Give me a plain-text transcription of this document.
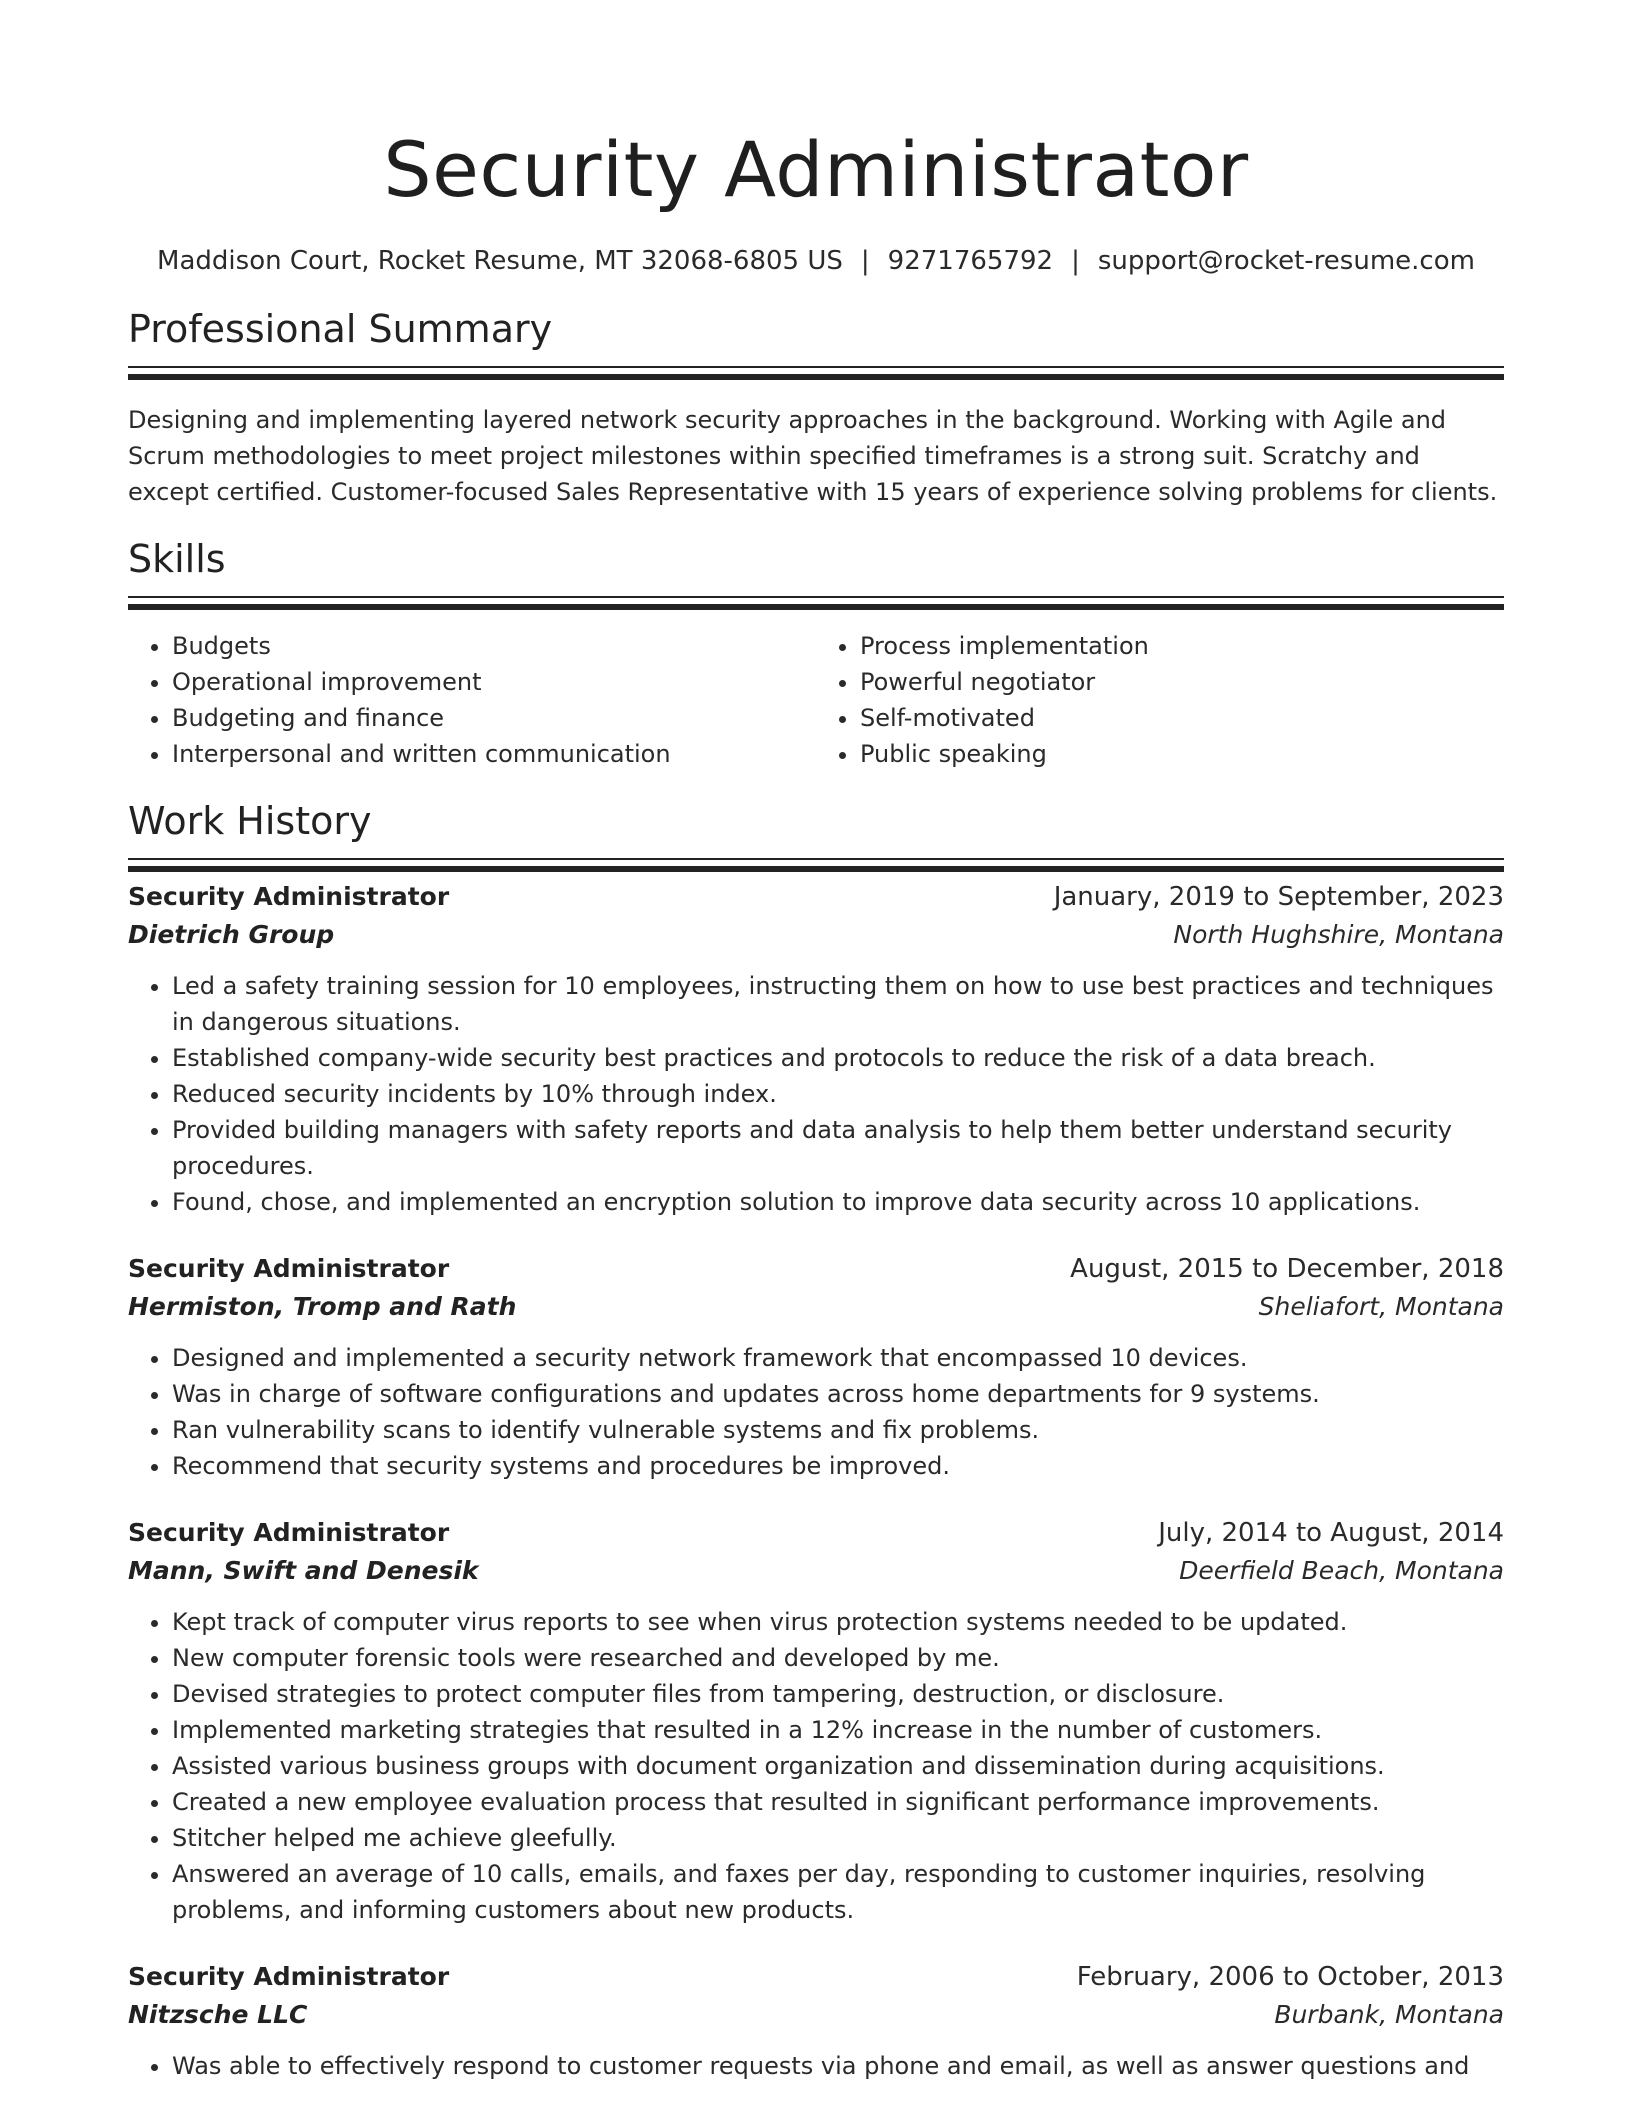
Security Administrator
Maddison Court, Rocket Resume, MT 32068-6805 US | 9271765792 | support@rocket-resume.com
Professional Summary

Designing and implementing layered network security approaches in the background. Working with Agile and Scrum methodologies to meet project milestones within specified timeframes is a strong suit. Scratchy and except certified. Customer-focused Sales Representative with 15 years of experience solving problems for clients.

Skills
• Budgets
• Operational improvement
• Budgeting and finance
• Interpersonal and written communication
• Process implementation
• Powerful negotiator
• Self-motivated
• Public speaking
Work History
Security Administrator	January, 2019 to September, 2023
Dietrich Group	North Hughshire, Montana
• Led a safety training session for 10 employees, instructing them on how to use best practices and techniques in dangerous situations.
• Established company-wide security best practices and protocols to reduce the risk of a data breach.
• Reduced security incidents by 10% through index.
• Provided building managers with safety reports and data analysis to help them better understand security procedures.
• Found, chose, and implemented an encryption solution to improve data security across 10 applications.
Security Administrator	August, 2015 to December, 2018
Hermiston, Tromp and Rath	Sheliafort, Montana
• Designed and implemented a security network framework that encompassed 10 devices.
• Was in charge of software configurations and updates across home departments for 9 systems.
• Ran vulnerability scans to identify vulnerable systems and fix problems.
• Recommend that security systems and procedures be improved.
Security Administrator	July, 2014 to August, 2014
Mann, Swift and Denesik	Deerfield Beach, Montana
• Kept track of computer virus reports to see when virus protection systems needed to be updated.
• New computer forensic tools were researched and developed by me.
• Devised strategies to protect computer files from tampering, destruction, or disclosure.
• Implemented marketing strategies that resulted in a 12% increase in the number of customers.
• Assisted various business groups with document organization and dissemination during acquisitions.
• Created a new employee evaluation process that resulted in significant performance improvements.
• Stitcher helped me achieve gleefully.
• Answered an average of 10 calls, emails, and faxes per day, responding to customer inquiries, resolving problems, and informing customers about new products.
Security Administrator	February, 2006 to October, 2013
Nitzsche LLC	Burbank, Montana
• Was able to effectively respond to customer requests via phone and email, as well as answer questions and
